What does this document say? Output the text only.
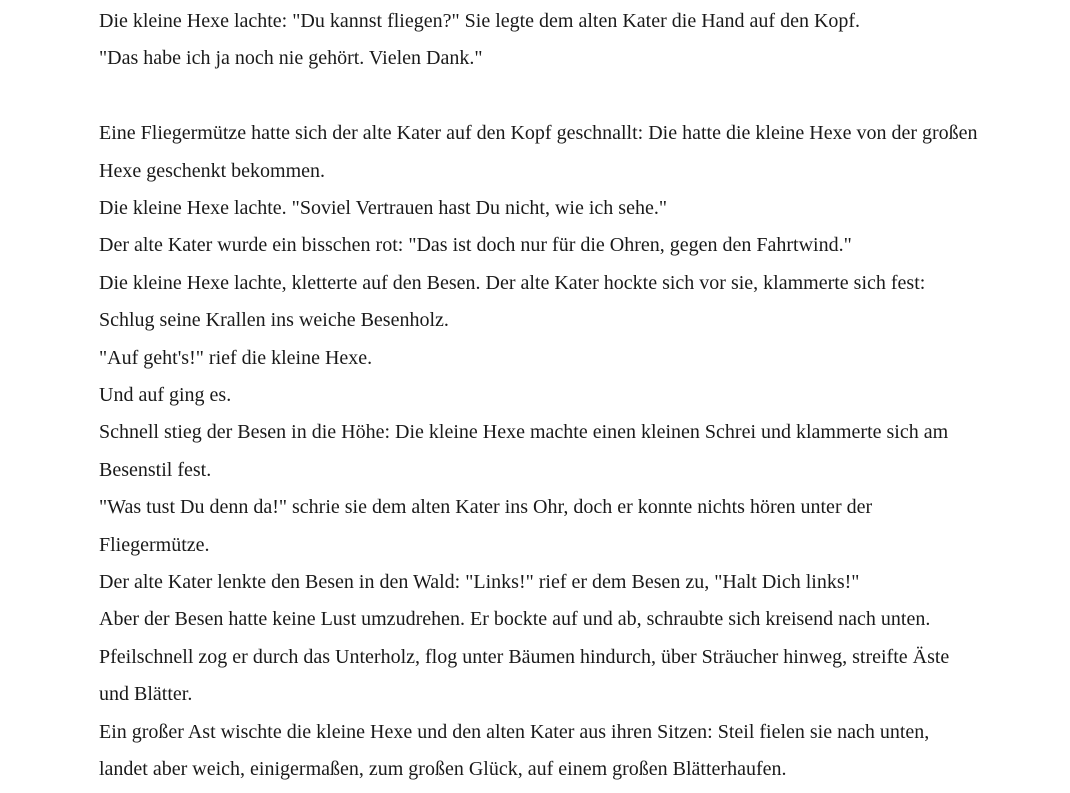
Die kleine Hexe lachte: "Du kannst fliegen?" Sie legte dem alten Kater die Hand auf den Kopf.

"Das habe ich ja noch nie gehört. Vielen Dank."

Eine Fliegermütze hatte sich der alte Kater auf den Kopf geschnallt: Die hatte die kleine Hexe von der großen Hexe geschenkt bekommen.

Die kleine Hexe lachte. "Soviel Vertrauen hast Du nicht, wie ich sehe."

Der alte Kater wurde ein bisschen rot: "Das ist doch nur für die Ohren, gegen den Fahrtwind."

Die kleine Hexe lachte, kletterte auf den Besen. Der alte Kater hockte sich vor sie, klammerte sich fest: Schlug seine Krallen ins weiche Besenholz.

"Auf geht's!" rief die kleine Hexe.

Und auf ging es.

Schnell stieg der Besen in die Höhe: Die kleine Hexe machte einen kleinen Schrei und klammerte sich am Besenstil fest.

"Was tust Du denn da!" schrie sie dem alten Kater ins Ohr, doch er konnte nichts hören unter der Fliegermütze.

Der alte Kater lenkte den Besen in den Wald: "Links!" rief er dem Besen zu, "Halt Dich links!"

Aber der Besen hatte keine Lust umzudrehen. Er bockte auf und ab, schraubte sich kreisend nach unten. Pfeilschnell zog er durch das Unterholz, flog unter Bäumen hindurch, über Sträucher hinweg, streifte Äste und Blätter.

Ein großer Ast wischte die kleine Hexe und den alten Kater aus ihren Sitzen: Steil fielen sie nach unten, landet aber weich, einigermaßen, zum großen Glück, auf einem großen Blätterhaufen.
